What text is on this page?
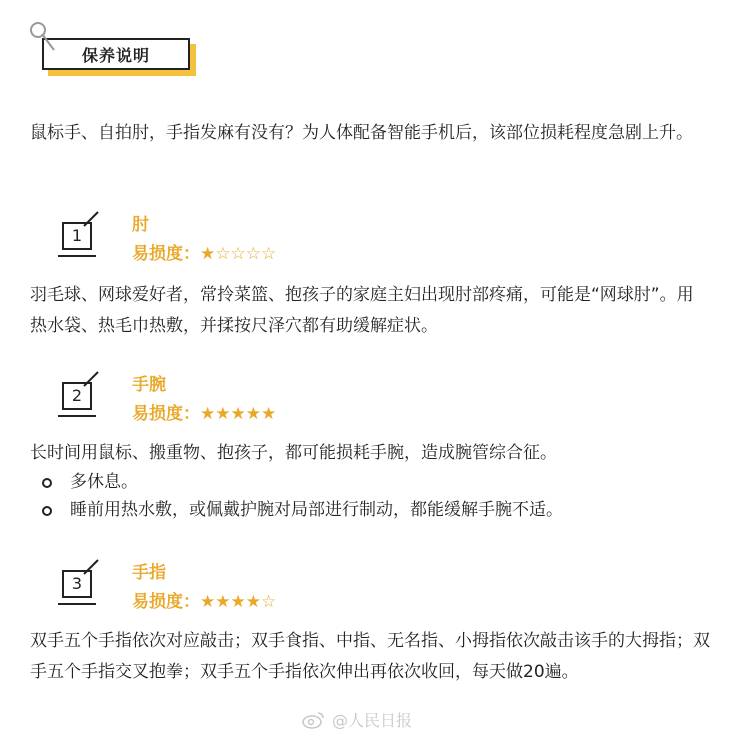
保养说明

鼠标手、自拍肘，手指发麻有没有？为人体配备智能手机后，该部位损耗程度急剧上升。

1
肘
易损度：★☆☆☆☆

羽毛球、网球爱好者，常拎菜篮、抱孩子的家庭主妇出现肘部疼痛，可能是“网球肘”。用热水袋、热毛巾热敷，并揉按尺泽穴都有助缓解症状。

2
手腕
易损度：★★★★★

长时间用鼠标、搬重物、抱孩子，都可能损耗手腕，造成腕管综合征。

多休息。
睡前用热水敷，或佩戴护腕对局部进行制动，都能缓解手腕不适。
3
手指
易损度：★★★★☆

双手五个手指依次对应敲击；双手食指、中指、无名指、小拇指依次敲击该手的大拇指；双手五个手指交叉抱拳；双手五个手指依次伸出再依次收回，每天做20遍。

@人民日报
